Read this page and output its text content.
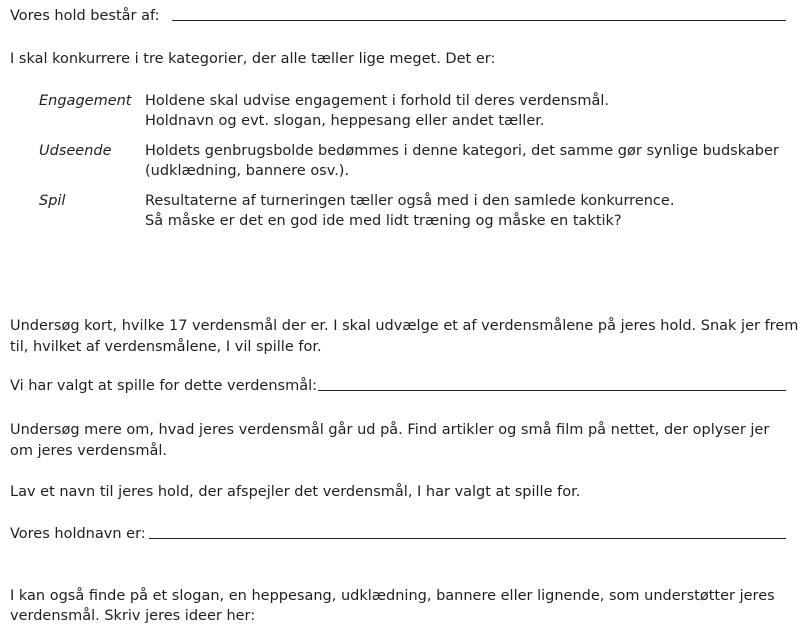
Vores hold består af:
I skal konkurrere i tre kategorier, der alle tæller lige meget. Det er:
Engagement Holdene skal udvise engagement i forhold til deres verdensmål.
Holdnavn og evt. slogan, heppesang eller andet tæller.
Udseende Holdets genbrugsbolde bedømmes i denne kategori, det samme gør synlige budskaber
(udklædning, bannere osv.).
Spil	Resultaterne af turneringen tæller også med i den samlede konkurrence.
Så måske er det en god ide med lidt træning og måske en taktik?
Undersøg kort, hvilke 17 verdensmål der er. I skal udvælge et af verdensmålene på jeres hold. Snak jer frem
til, hvilket af verdensmålene, I vil spille for.
Vi har valgt at spille for dette verdensmål:
Undersøg mere om, hvad jeres verdensmål går ud på. Find artikler og små film på nettet, der oplyser jer
om jeres verdensmål.
Lav et navn til jeres hold, der afspejler det verdensmål, I har valgt at spille for.
Vores holdnavn er:
I kan også finde på et slogan, en heppesang, udklædning, bannere eller lignende, som understøtter jeres
verdensmål. Skriv jeres ideer her:
